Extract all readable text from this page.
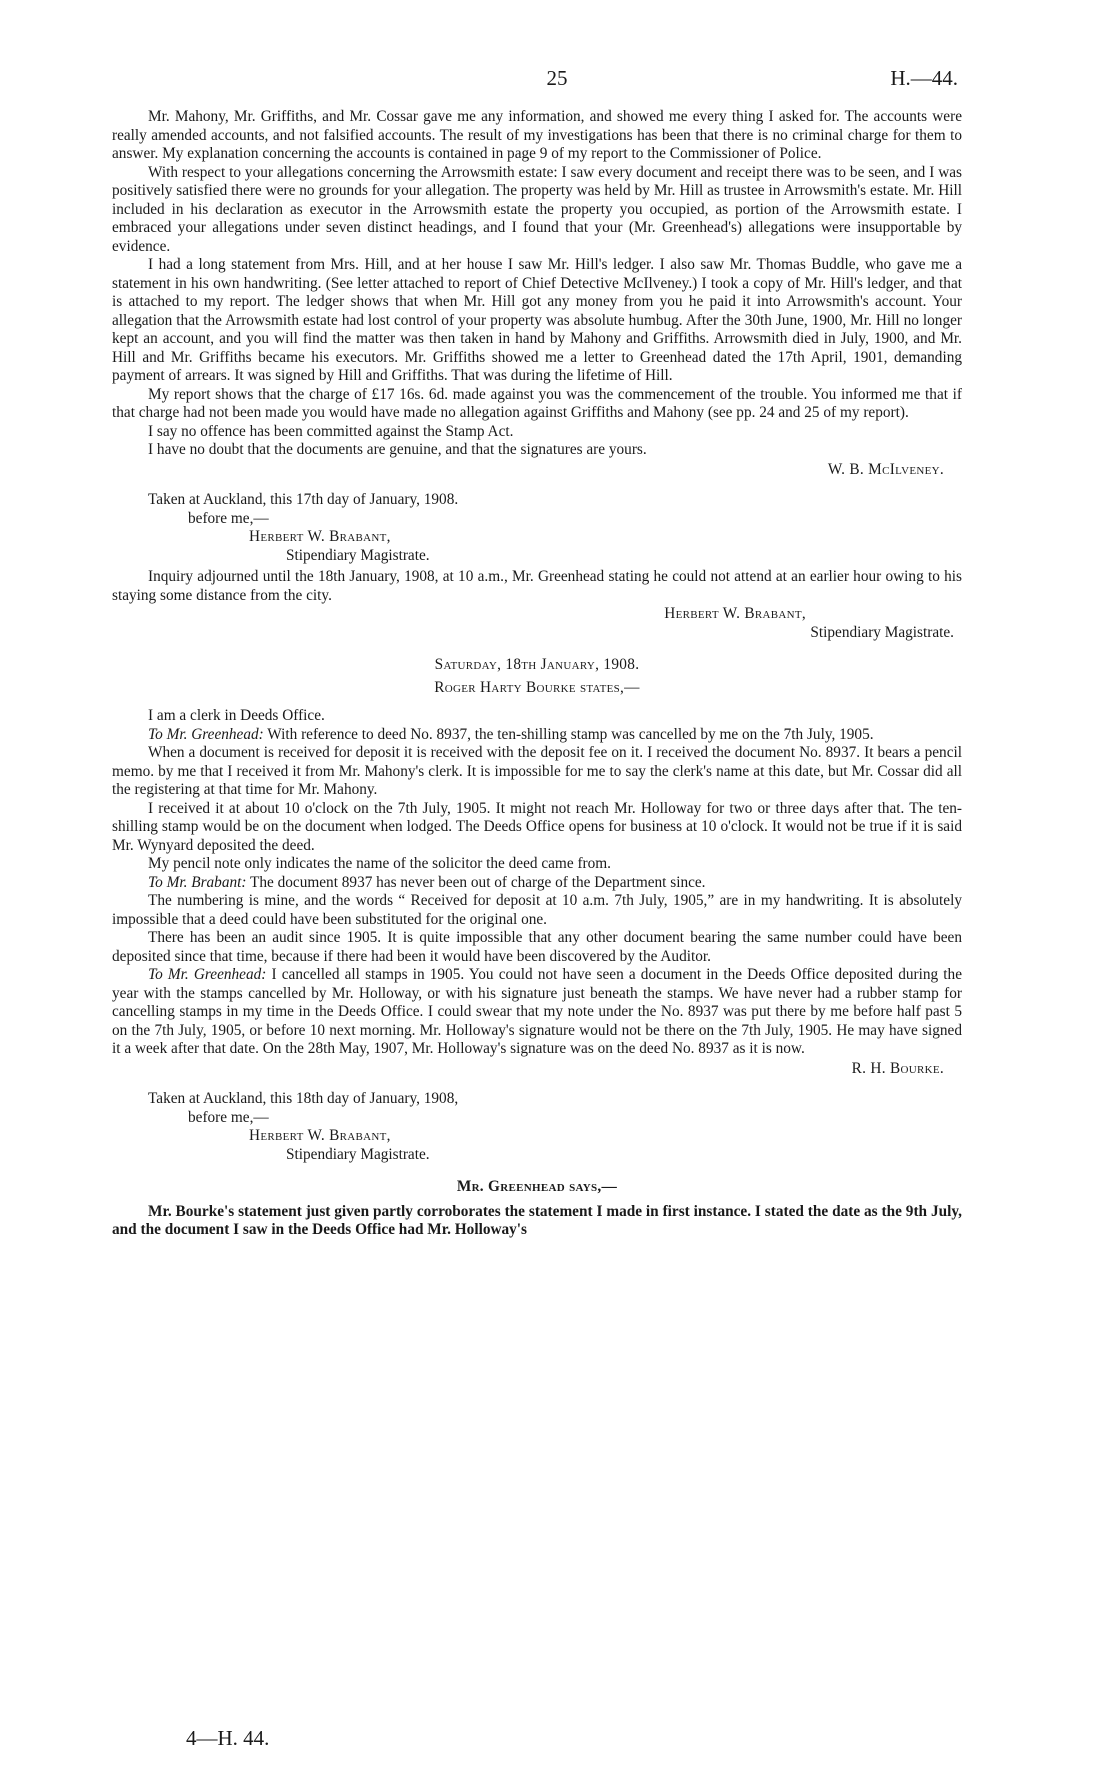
25	H.—44.

Mr. Mahony, Mr. Griffiths, and Mr. Cossar gave me any information, and showed me every thing I asked for. The accounts were really amended accounts, and not falsified accounts. The result of my investigations has been that there is no criminal charge for them to answer. My explanation concerning the accounts is contained in page 9 of my report to the Commissioner of Police.

With respect to your allegations concerning the Arrowsmith estate: I saw every document and receipt there was to be seen, and I was positively satisfied there were no grounds for your allegation. The property was held by Mr. Hill as trustee in Arrowsmith's estate. Mr. Hill included in his declaration as executor in the Arrowsmith estate the property you occupied, as portion of the Arrowsmith estate. I embraced your allegations under seven distinct headings, and I found that your (Mr. Greenhead's) allegations were insupportable by evidence.

I had a long statement from Mrs. Hill, and at her house I saw Mr. Hill's ledger. I also saw Mr. Thomas Buddle, who gave me a statement in his own handwriting. (See letter attached to report of Chief Detective McIlveney.) I took a copy of Mr. Hill's ledger, and that is attached to my report. The ledger shows that when Mr. Hill got any money from you he paid it into Arrowsmith's account. Your allegation that the Arrowsmith estate had lost control of your property was absolute humbug. After the 30th June, 1900, Mr. Hill no longer kept an account, and you will find the matter was then taken in hand by Mahony and Griffiths. Arrowsmith died in July, 1900, and Mr. Hill and Mr. Griffiths became his executors. Mr. Griffiths showed me a letter to Greenhead dated the 17th April, 1901, demanding payment of arrears. It was signed by Hill and Griffiths. That was during the lifetime of Hill.

My report shows that the charge of £17 16s. 6d. made against you was the commencement of the trouble. You informed me that if that charge had not been made you would have made no allegation against Griffiths and Mahony (see pp. 24 and 25 of my report).

I say no offence has been committed against the Stamp Act.

I have no doubt that the documents are genuine, and that the signatures are yours.

W. B. McIlveney.

Taken at Auckland, this 17th day of January, 1908.

before me,—

Herbert W. Brabant,

Stipendiary Magistrate.

Inquiry adjourned until the 18th January, 1908, at 10 a.m., Mr. Greenhead stating he could not attend at an earlier hour owing to his staying some distance from the city.

Herbert W. Brabant,

Stipendiary Magistrate.

Saturday, 18th January, 1908.

Roger Harty Bourke states,—

I am a clerk in Deeds Office.

To Mr. Greenhead: With reference to deed No. 8937, the ten-shilling stamp was cancelled by me on the 7th July, 1905.

When a document is received for deposit it is received with the deposit fee on it. I received the document No. 8937. It bears a pencil memo. by me that I received it from Mr. Mahony's clerk. It is impossible for me to say the clerk's name at this date, but Mr. Cossar did all the registering at that time for Mr. Mahony.

I received it at about 10 o'clock on the 7th July, 1905. It might not reach Mr. Holloway for two or three days after that. The ten-shilling stamp would be on the document when lodged. The Deeds Office opens for business at 10 o'clock. It would not be true if it is said Mr. Wynyard deposited the deed.

My pencil note only indicates the name of the solicitor the deed came from.

To Mr. Brabant: The document 8937 has never been out of charge of the Department since.

The numbering is mine, and the words “ Received for deposit at 10 a.m. 7th July, 1905,” are in my handwriting. It is absolutely impossible that a deed could have been substituted for the original one.

There has been an audit since 1905. It is quite impossible that any other document bearing the same number could have been deposited since that time, because if there had been it would have been discovered by the Auditor.

To Mr. Greenhead: I cancelled all stamps in 1905. You could not have seen a document in the Deeds Office deposited during the year with the stamps cancelled by Mr. Holloway, or with his signature just beneath the stamps. We have never had a rubber stamp for cancelling stamps in my time in the Deeds Office. I could swear that my note under the No. 8937 was put there by me before half past 5 on the 7th July, 1905, or before 10 next morning. Mr. Holloway's signature would not be there on the 7th July, 1905. He may have signed it a week after that date. On the 28th May, 1907, Mr. Holloway's signature was on the deed No. 8937 as it is now.

R. H. Bourke.

Taken at Auckland, this 18th day of January, 1908,

before me,—

Herbert W. Brabant,

Stipendiary Magistrate.

Mr. Greenhead says,—

Mr. Bourke's statement just given partly corroborates the statement I made in first instance. I stated the date as the 9th July, and the document I saw in the Deeds Office had Mr. Holloway's

4—H. 44.
